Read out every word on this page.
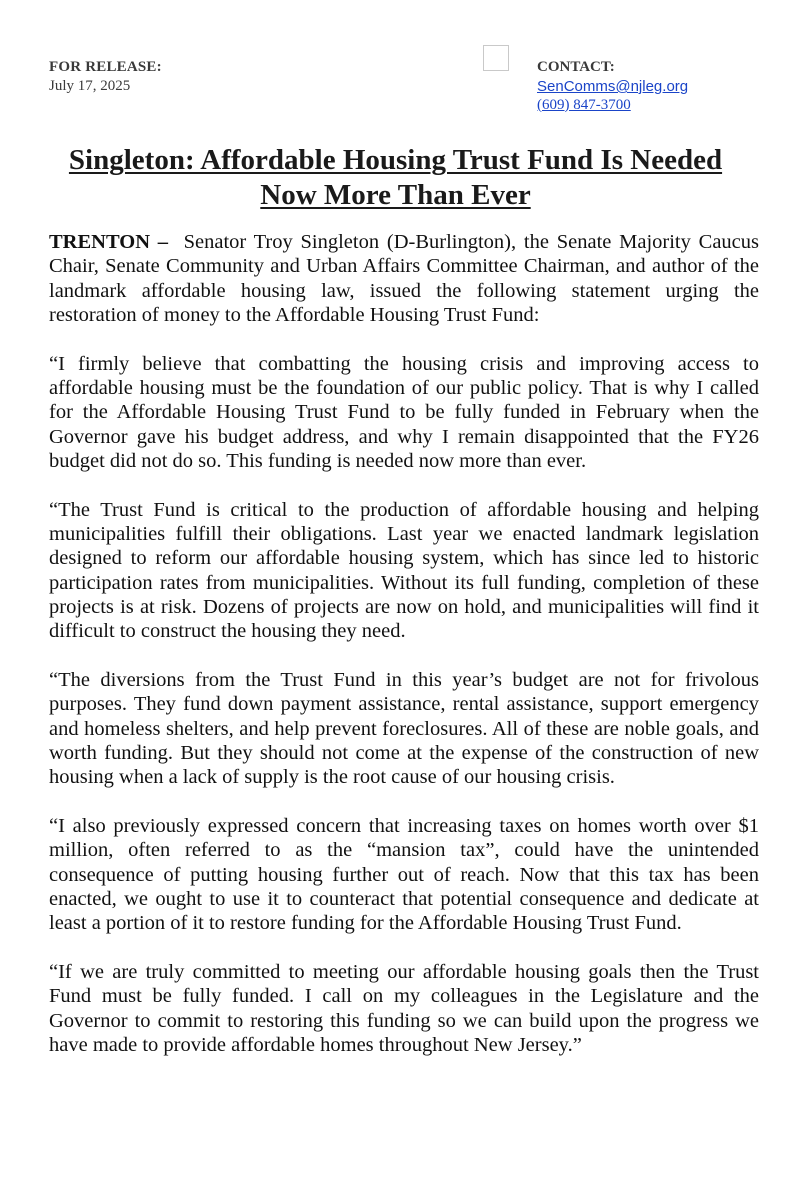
FOR RELEASE:
July 17, 2025
CONTACT:
SenComms@njleg.org
(609) 847-3700
Singleton: Affordable Housing Trust Fund Is Needed Now More Than Ever

TRENTON –  Senator Troy Singleton (D-Burlington), the Senate Majority Caucus Chair, Senate Community and Urban Affairs Committee Chairman, and author of the landmark affordable housing law, issued the following statement urging the restoration of money to the Affordable Housing Trust Fund:

“I firmly believe that combatting the housing crisis and improving access to affordable housing must be the foundation of our public policy. That is why I called for the Affordable Housing Trust Fund to be fully funded in February when the Governor gave his budget address, and why I remain disappointed that the FY26 budget did not do so. This funding is needed now more than ever.

“The Trust Fund is critical to the production of affordable housing and helping municipalities fulfill their obligations. Last year we enacted landmark legislation designed to reform our affordable housing system, which has since led to historic participation rates from municipalities. Without its full funding, completion of these projects is at risk. Dozens of projects are now on hold, and municipalities will find it difficult to construct the housing they need.

“The diversions from the Trust Fund in this year’s budget are not for frivolous purposes. They fund down payment assistance, rental assistance, support emergency and homeless shelters, and help prevent foreclosures. All of these are noble goals, and worth funding. But they should not come at the expense of the construction of new housing when a lack of supply is the root cause of our housing crisis.

“I also previously expressed concern that increasing taxes on homes worth over $1 million, often referred to as the “mansion tax”, could have the unintended consequence of putting housing further out of reach. Now that this tax has been enacted, we ought to use it to counteract that potential consequence and dedicate at least a portion of it to restore funding for the Affordable Housing Trust Fund.

“If we are truly committed to meeting our affordable housing goals then the Trust Fund must be fully funded. I call on my colleagues in the Legislature and the Governor to commit to restoring this funding so we can build upon the progress we have made to provide affordable homes throughout New Jersey.”
